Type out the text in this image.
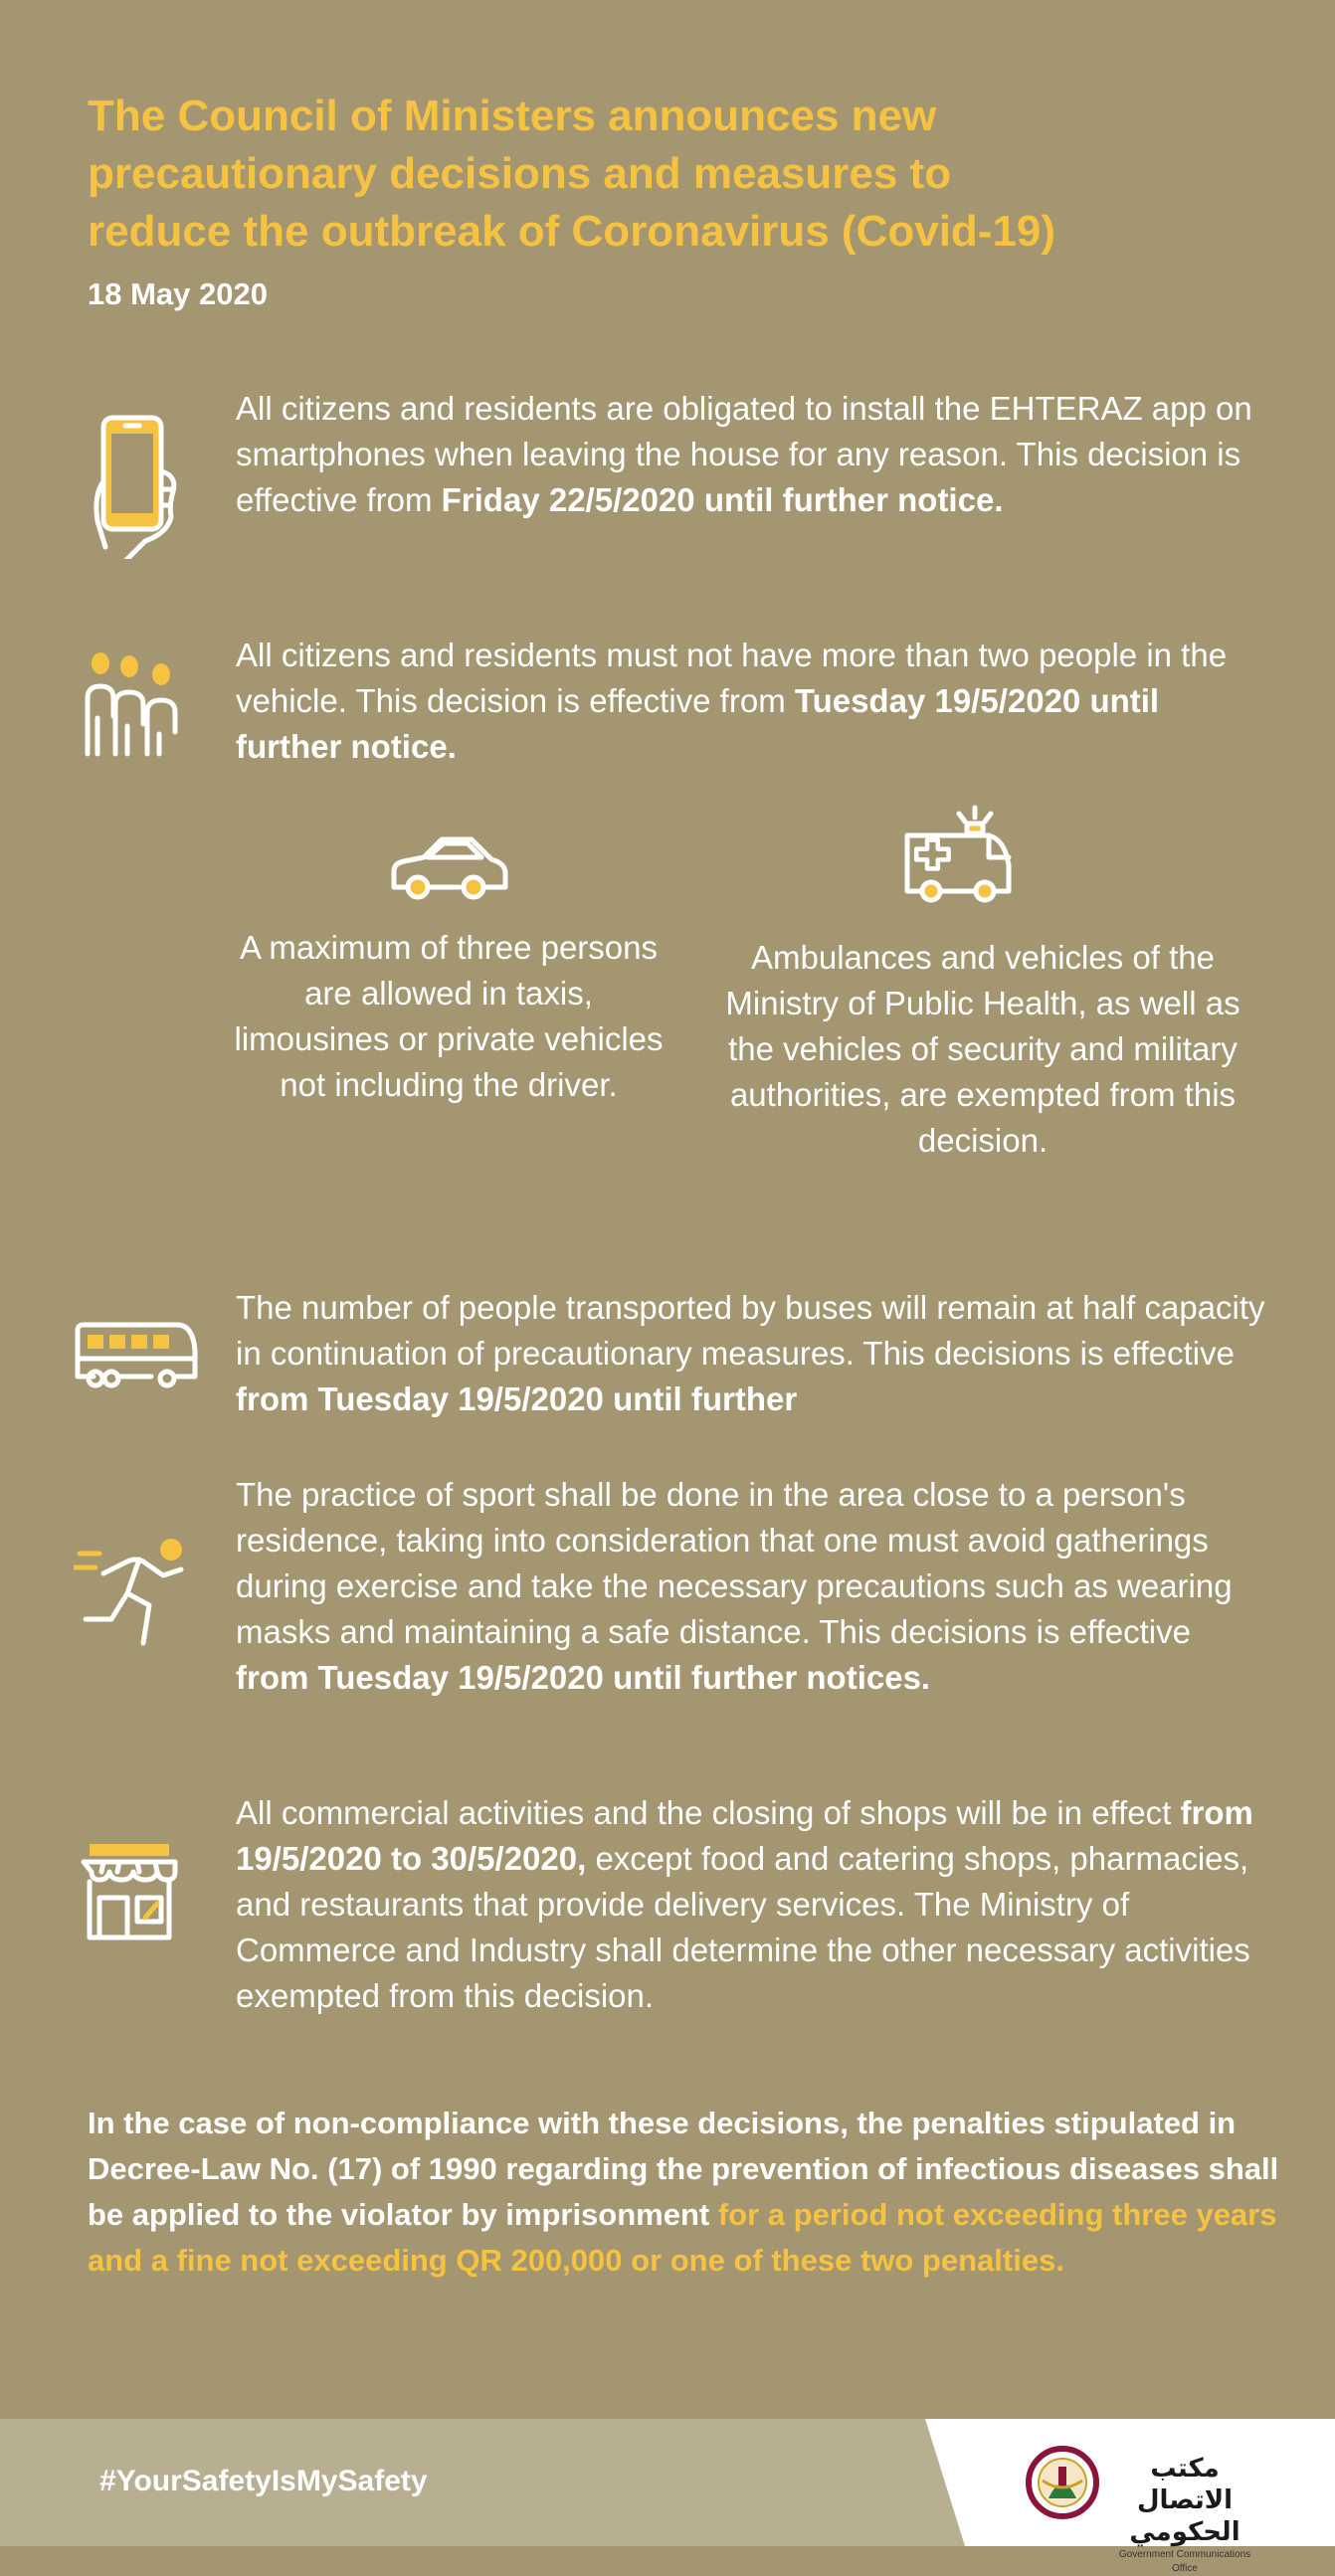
The Council of Ministers announces new
precautionary decisions and measures to
reduce the outbreak of Coronavirus (Covid-19)
18 May 2020
All citizens and residents are obligated to install the EHTERAZ app on smartphones when leaving the house for any reason. This decision is effective from Friday 22/5/2020 until further notice.
All citizens and residents must not have more than two people in the vehicle. This decision is effective from Tuesday 19/5/2020 until further notice.
A maximum of three persons are allowed in taxis, limousines or private vehicles not including the driver.
Ambulances and vehicles of the Ministry of Public Health, as well as the vehicles of security and military authorities, are exempted from this decision.
The number of people transported by buses will remain at half capacity in continuation of precautionary measures. This decisions is effective from Tuesday 19/5/2020 until further
The practice of sport shall be done in the area close to a person's residence, taking into consideration that one must avoid gatherings during exercise and take the necessary precautions such as wearing masks and maintaining a safe distance. This decisions is effective from Tuesday 19/5/2020 until further notices.
All commercial activities and the closing of shops will be in effect from 19/5/2020 to 30/5/2020, except food and catering shops, pharmacies, and restaurants that provide delivery services. The Ministry of Commerce and Industry shall determine the other necessary activities exempted from this decision.
In the case of non-compliance with these decisions, the penalties stipulated in Decree-Law No. (17) of 1990 regarding the prevention of infectious diseases shall be applied to the violator by imprisonment for a period not exceeding three years and a fine not exceeding QR 200,000 or one of these two penalties.
#YourSafetyIsMySafety	مكتب الاتصال الحكومي
Government Communications Office
